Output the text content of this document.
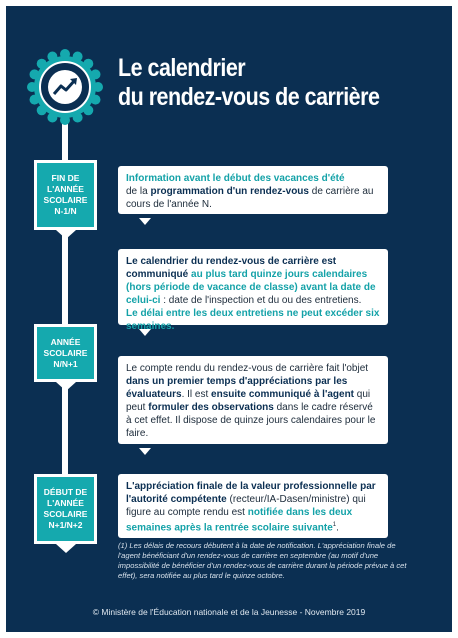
Le calendrier
du rendez-vous de carrière
FIN DE
L'ANNÉE
SCOLAIRE
N-1/N
ANNÉE
SCOLAIRE
N/N+1
DÉBUT DE
L'ANNÉE
SCOLAIRE
N+1/N+2
Information avant le début des vacances d'été
de la programmation d'un rendez-vous de carrière au cours de l'année N.
Le calendrier du rendez-vous de carrière est communiqué au plus tard quinze jours calendaires (hors période de vacance de classe) avant la date de celui-ci : date de l'inspection et du ou des entretiens.
Le délai entre les deux entretiens ne peut excéder six semaines.
Le compte rendu du rendez-vous de carrière fait l'objet dans un premier temps d'appréciations par les évaluateurs. Il est ensuite communiqué à l'agent qui peut formuler des observations dans le cadre réservé à cet effet. Il dispose de quinze jours calendaires pour le faire.
L'appréciation finale de la valeur professionnelle par l'autorité compétente (recteur/IA-Dasen/ministre) qui figure au compte rendu est notifiée dans les deux semaines après la rentrée scolaire suivante$^1$.
(1) Les délais de recours débutent à la date de notification. L'appréciation finale de l'agent bénéficiant d'un rendez-vous de carrière en septembre (au motif d'une impossibilité de bénéficier d'un rendez-vous de carrière durant la période prévue à cet effet), sera notifiée au plus tard le quinze octobre.
© Ministère de l'Éducation nationale et de la Jeunesse - Novembre 2019
